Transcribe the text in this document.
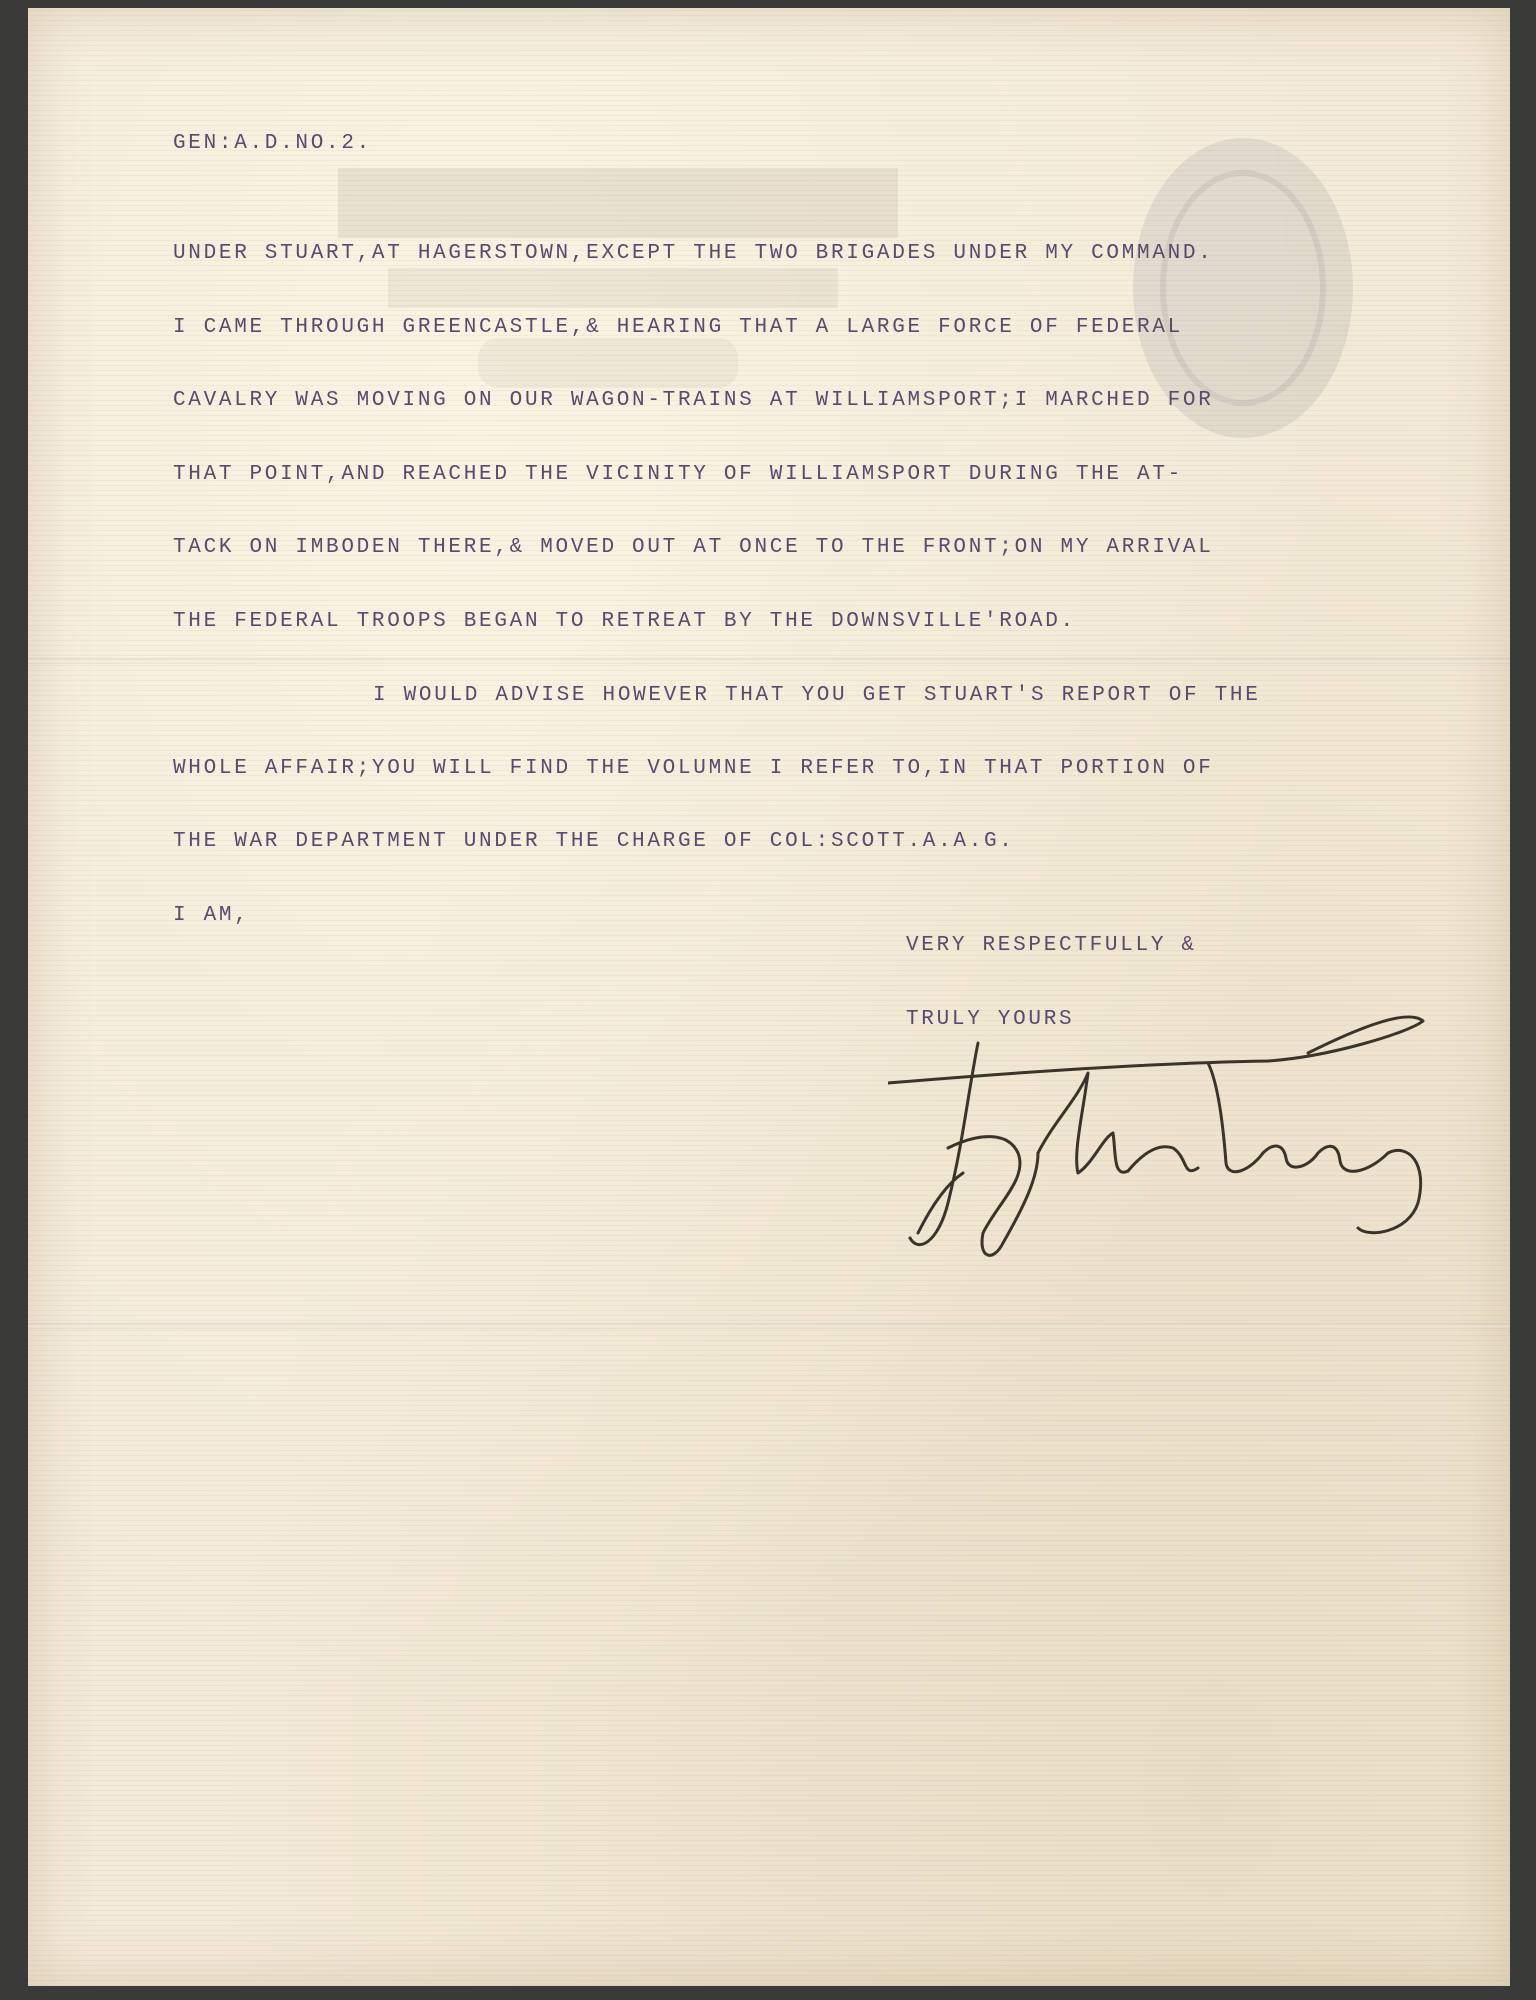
GEN:A.D.NO.2.

UNDER STUART,AT HAGERSTOWN,EXCEPT THE TWO BRIGADES UNDER MY COMMAND.

I CAME THROUGH GREENCASTLE,& HEARING THAT A LARGE FORCE OF FEDERAL

CAVALRY WAS MOVING ON OUR WAGON-TRAINS AT WILLIAMSPORT;I MARCHED FOR

THAT POINT,AND REACHED THE VICINITY OF WILLIAMSPORT DURING THE AT-

TACK ON IMBODEN THERE,& MOVED OUT AT ONCE TO THE FRONT;ON MY ARRIVAL

THE FEDERAL TROOPS BEGAN TO RETREAT BY THE DOWNSVILLE'ROAD.

I WOULD ADVISE HOWEVER THAT YOU GET STUART'S REPORT OF THE

WHOLE AFFAIR;YOU WILL FIND THE VOLUMNE I REFER TO,IN THAT PORTION OF

THE WAR DEPARTMENT UNDER THE CHARGE OF COL:SCOTT.A.A.G.

I AM,

VERY RESPECTFULLY &

TRULY YOURS
